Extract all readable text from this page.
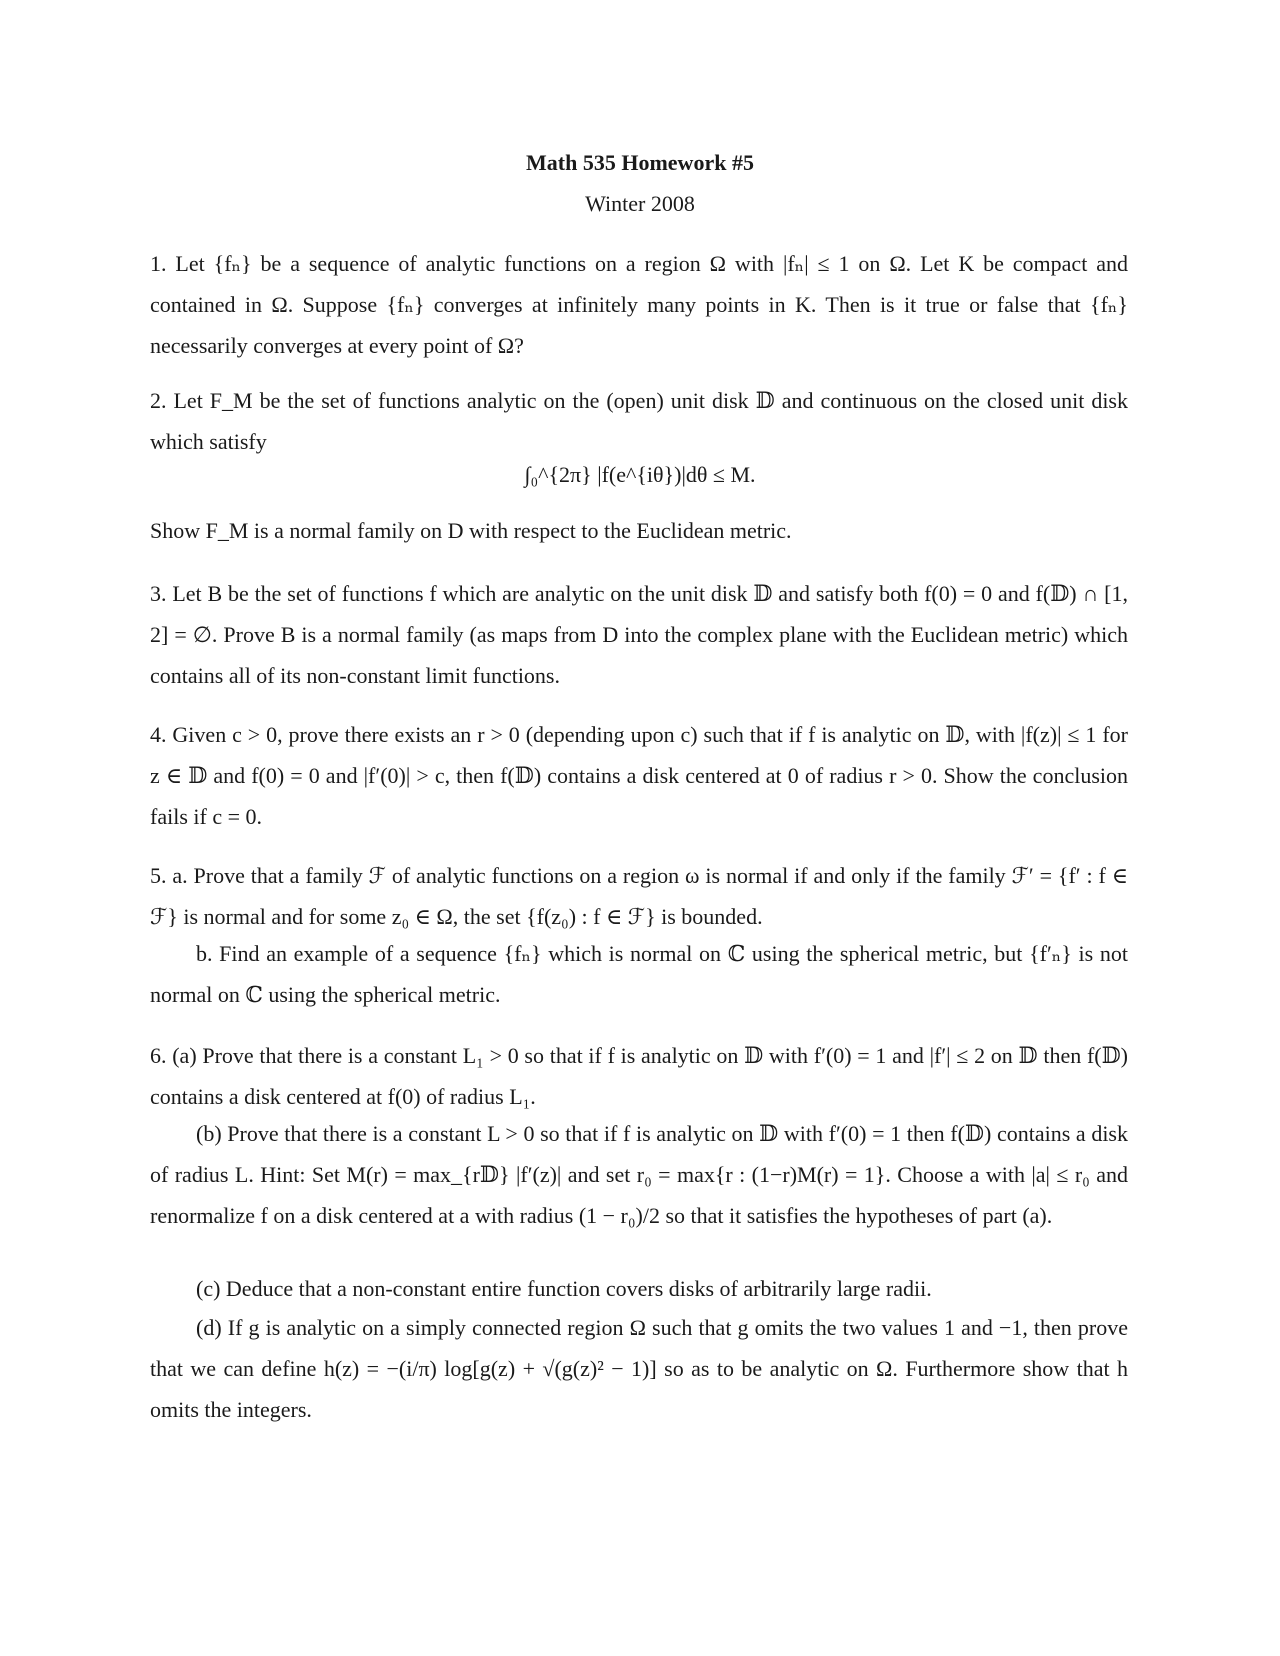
Math 535 Homework #5
Winter 2008
1. Let {fₙ} be a sequence of analytic functions on a region Ω with |fₙ| ≤ 1 on Ω. Let K be compact and contained in Ω. Suppose {fₙ} converges at infinitely many points in K. Then is it true or false that {fₙ} necessarily converges at every point of Ω?
2. Let F_M be the set of functions analytic on the (open) unit disk 𝔻 and continuous on the closed unit disk which satisfy
∫₀^{2π} |f(e^{iθ})|dθ ≤ M.
Show F_M is a normal family on D with respect to the Euclidean metric.
3. Let B be the set of functions f which are analytic on the unit disk 𝔻 and satisfy both f(0) = 0 and f(𝔻) ∩ [1, 2] = ∅. Prove B is a normal family (as maps from D into the complex plane with the Euclidean metric) which contains all of its non-constant limit functions.
4. Given c > 0, prove there exists an r > 0 (depending upon c) such that if f is analytic on 𝔻, with |f(z)| ≤ 1 for z ∈ 𝔻 and f(0) = 0 and |f′(0)| > c, then f(𝔻) contains a disk centered at 0 of radius r > 0. Show the conclusion fails if c = 0.
5. a. Prove that a family ℱ of analytic functions on a region ω is normal if and only if the family ℱ′ = {f′ : f ∈ ℱ} is normal and for some z₀ ∈ Ω, the set {f(z₀) : f ∈ ℱ} is bounded.
b. Find an example of a sequence {fₙ} which is normal on ℂ using the spherical metric, but {f′ₙ} is not normal on ℂ using the spherical metric.
6. (a) Prove that there is a constant L₁ > 0 so that if f is analytic on 𝔻 with f′(0) = 1 and |f′| ≤ 2 on 𝔻 then f(𝔻) contains a disk centered at f(0) of radius L₁.
(b) Prove that there is a constant L > 0 so that if f is analytic on 𝔻 with f′(0) = 1 then f(𝔻) contains a disk of radius L. Hint: Set M(r) = max_{r𝔻} |f′(z)| and set r₀ = max{r : (1−r)M(r) = 1}. Choose a with |a| ≤ r₀ and renormalize f on a disk centered at a with radius (1 − r₀)/2 so that it satisfies the hypotheses of part (a).
(c) Deduce that a non-constant entire function covers disks of arbitrarily large radii.
(d) If g is analytic on a simply connected region Ω such that g omits the two values 1 and −1, then prove that we can define h(z) = −(i/π) log[g(z) + √(g(z)² − 1)] so as to be analytic on Ω. Furthermore show that h omits the integers.
